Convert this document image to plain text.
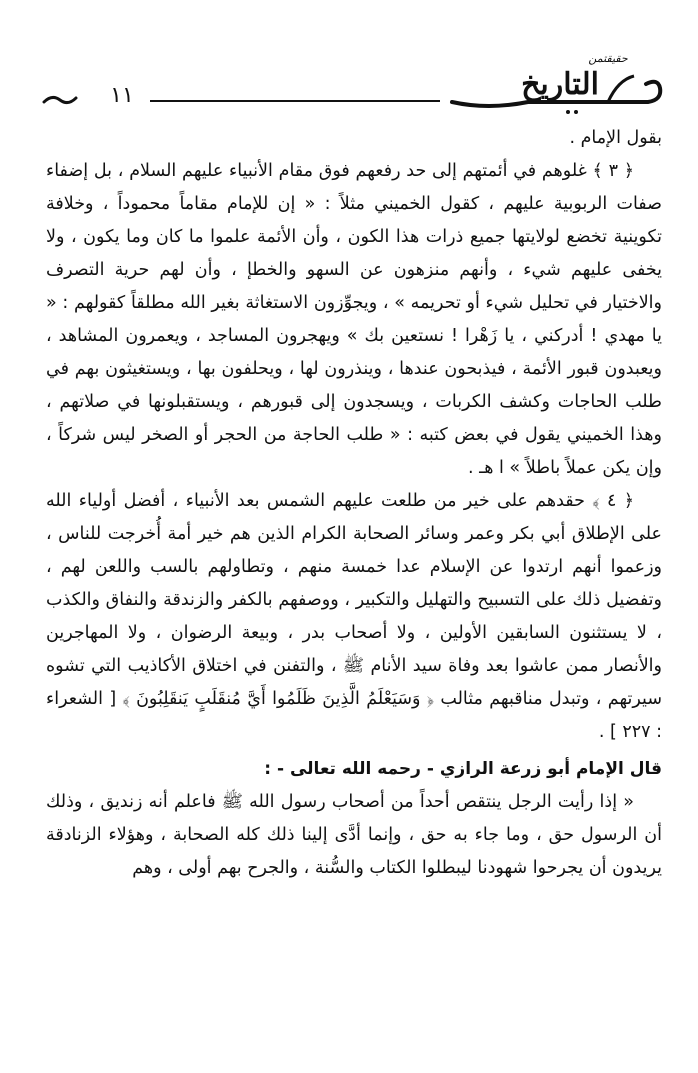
١١
حقيقتمن
التاريخ

بقول الإمام .

﴿ ٣ ﴾ غلوهم في أئمتهم إلى حد رفعهم فوق مقام الأنبياء عليهم السلام ، بل إضفاء صفات الربوبية عليهم ، كقول الخميني مثلاً : « إن للإمام مقاماً محموداً ، وخلافة تكوينية تخضع لولايتها جميع ذرات هذا الكون ، وأن الأئمة علموا ما كان وما يكون ، ولا يخفى عليهم شيء ، وأنهم منزهون عن السهو والخطإ ، وأن لهم حرية التصرف والاختيار في تحليل شيء أو تحريمه » ، ويجوِّزون الاستغاثة بغير الله مطلقاً كقولهم : « يا مهدي ! أدركني ، يا زَهْرا ! نستعين بك » ويهجرون المساجد ، ويعمرون المشاهد ، ويعبدون قبور الأئمة ، فيذبحون عندها ، وينذرون لها ، ويحلفون بها ، ويستغيثون بهم في طلب الحاجات وكشف الكربات ، ويسجدون إلى قبورهم ، ويستقبلونها في صلاتهم ، وهذا الخميني يقول في بعض كتبه : « طلب الحاجة من الحجر أو الصخر ليس شركاً ، وإن يكن عملاً باطلاً » ا هـ .

﴿ ٤ ﴾ حقدهم على خير من طلعت عليهم الشمس بعد الأنبياء ، أفضل أولياء الله على الإطلاق أبي بكر وعمر وسائر الصحابة الكرام الذين هم خير أمة أُخرجت للناس ، وزعموا أنهم ارتدوا عن الإسلام عدا خمسة منهم ، وتطاولهم بالسب واللعن لهم ، وتفضيل ذلك على التسبيح والتهليل والتكبير ، ووصفهم بالكفر والزندقة والنفاق والكذب ، لا يستثنون السابقين الأولين ، ولا أصحاب بدر ، وبيعة الرضوان ، ولا المهاجرين والأنصار ممن عاشوا بعد وفاة سيد الأنام ﷺ ، والتفنن في اختلاق الأكاذيب التي تشوه سيرتهم ، وتبدل مناقبهم مثالب ﴿ وَسَيَعْلَمُ الَّذِينَ ظَلَمُوا أَيَّ مُنقَلَبٍ يَنقَلِبُونَ ﴾ [ الشعراء : ٢٢٧ ] .

قال الإمام أبو زرعة الرازي - رحمه الله تعالى - :

« إذا رأيت الرجل ينتقص أحداً من أصحاب رسول الله ﷺ فاعلم أنه زنديق ، وذلك أن الرسول حق ، وما جاء به حق ، وإنما أدَّى إلينا ذلك كله الصحابة ، وهؤلاء الزنادقة يريدون أن يجرحوا شهودنا ليبطلوا الكتاب والسُّنة ، والجرح بهم أولى ، وهم
